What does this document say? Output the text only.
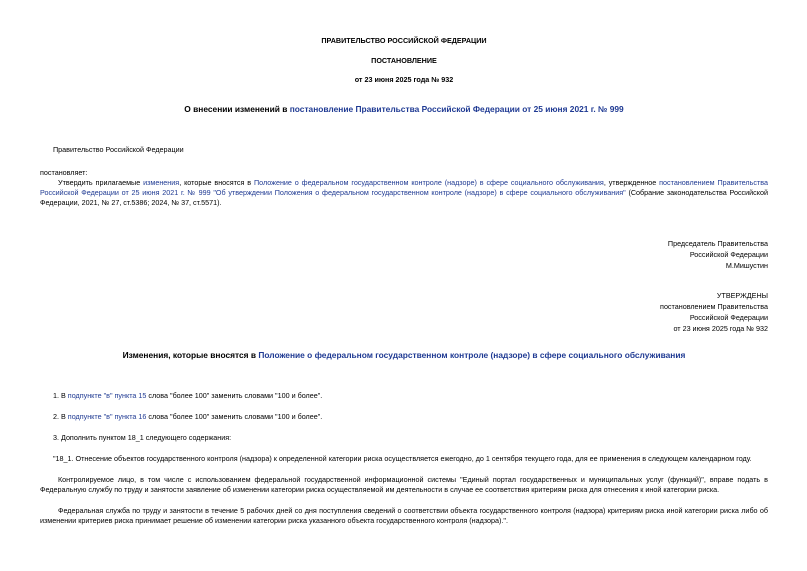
ПРАВИТЕЛЬСТВО РОССИЙСКОЙ ФЕДЕРАЦИИ
ПОСТАНОВЛЕНИЕ
от 23 июня 2025 года № 932
О внесении изменений в постановление Правительства Российской Федерации от 25 июня 2021 г. № 999
Правительство Российской Федерации
постановляет:

Утвердить прилагаемые изменения, которые вносятся в Положение о федеральном государственном контроле (надзоре) в сфере социального обслуживания, утвержденное постановлением Правительства Российской Федерации от 25 июня 2021 г. № 999 "Об утверждении Положения о федеральном государственном контроле (надзоре) в сфере социального обслуживания" (Собрание законодательства Российской Федерации, 2021, № 27, ст.5386; 2024, № 37, ст.5571).

Председатель Правительства
Российской Федерации
М.Мишустин
УТВЕРЖДЕНЫ
постановлением Правительства
Российской Федерации
от 23 июня 2025 года № 932
Изменения, которые вносятся в Положение о федеральном государственном контроле (надзоре) в сфере социального обслуживания
1. В подпункте "в" пункта 15 слова "более 100" заменить словами "100 и более".
2. В подпункте "в" пункта 16 слова "более 100" заменить словами "100 и более".
3. Дополнить пунктом 18_1 следующего содержания:

"18_1. Отнесение объектов государственного контроля (надзора) к определенной категории риска осуществляется ежегодно, до 1 сентября текущего года, для ее применения в следующем календарном году.

Контролируемое лицо, в том числе с использованием федеральной государственной информационной системы "Единый портал государственных и муниципальных услуг (функций)", вправе подать в Федеральную службу по труду и занятости заявление об изменении категории риска осуществляемой им деятельности в случае ее соответствия критериям риска для отнесения к иной категории риска.

Федеральная служба по труду и занятости в течение 5 рабочих дней со дня поступления сведений о соответствии объекта государственного контроля (надзора) критериям риска иной категории риска либо об изменении критериев риска принимает решение об изменении категории риска указанного объекта государственного контроля (надзора).".
